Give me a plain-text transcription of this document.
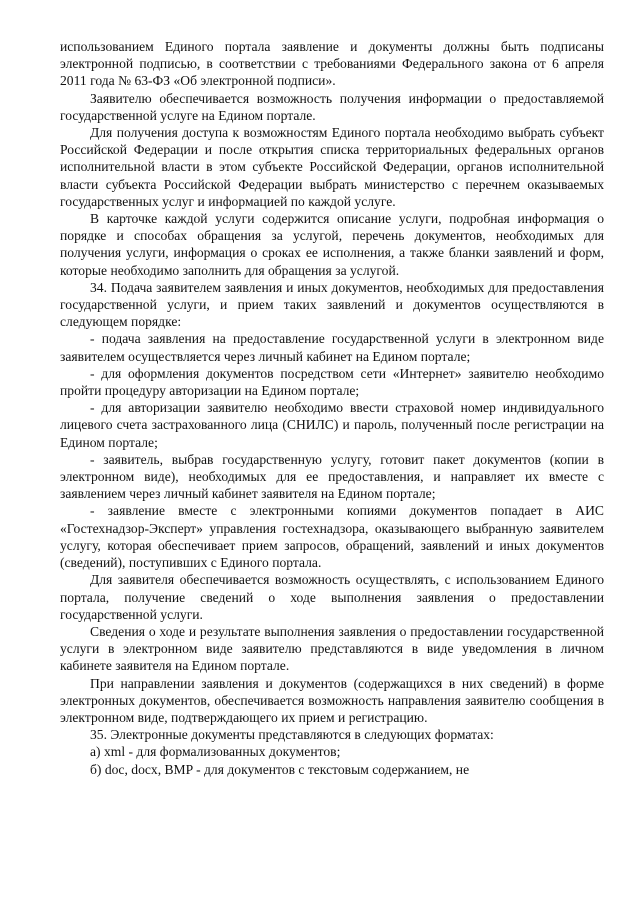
использованием Единого портала заявление и документы должны быть подписаны электронной подписью, в соответствии с требованиями Федерального закона от 6 апреля 2011 года № 63-ФЗ «Об электронной подписи».

Заявителю обеспечивается возможность получения информации о предоставляемой государственной услуге на Едином портале.

Для получения доступа к возможностям Единого портала необходимо выбрать субъект Российской Федерации и после открытия списка территориальных федеральных органов исполнительной власти в этом субъекте Российской Федерации, органов исполнительной власти субъекта Российской Федерации выбрать министерство с перечнем оказываемых государственных услуг и информацией по каждой услуге.

В карточке каждой услуги содержится описание услуги, подробная информация о порядке и способах обращения за услугой, перечень документов, необходимых для получения услуги, информация о сроках ее исполнения, а также бланки заявлений и форм, которые необходимо заполнить для обращения за услугой.

34. Подача заявителем заявления и иных документов, необходимых для предоставления государственной услуги, и прием таких заявлений и документов осуществляются в следующем порядке:

- подача заявления на предоставление государственной услуги в электронном виде заявителем осуществляется через личный кабинет на Едином портале;

- для оформления документов посредством сети «Интернет» заявителю необходимо пройти процедуру авторизации на Едином портале;

- для авторизации заявителю необходимо ввести страховой номер индивидуального лицевого счета застрахованного лица (СНИЛС) и пароль, полученный после регистрации на Едином портале;

- заявитель, выбрав государственную услугу, готовит пакет документов (копии в электронном виде), необходимых для ее предоставления, и направляет их вместе с заявлением через личный кабинет заявителя на Едином портале;

- заявление вместе с электронными копиями документов попадает в АИС «Гостехнадзор-Эксперт» управления гостехнадзора, оказывающего выбранную заявителем услугу, которая обеспечивает прием запросов, обращений, заявлений и иных документов (сведений), поступивших с Единого портала.

Для заявителя обеспечивается возможность осуществлять, с использованием Единого портала, получение сведений о ходе выполнения заявления о предоставлении государственной услуги.

Сведения о ходе и результате выполнения заявления о предоставлении государственной услуги в электронном виде заявителю представляются в виде уведомления в личном кабинете заявителя на Едином портале.

При направлении заявления и документов (содержащихся в них сведений) в форме электронных документов, обеспечивается возможность направления заявителю сообщения в электронном виде, подтверждающего их прием и регистрацию.

35. Электронные документы представляются в следующих форматах:

а) xml - для формализованных документов;

б) doc, docx, BMP - для документов с текстовым содержанием, не
